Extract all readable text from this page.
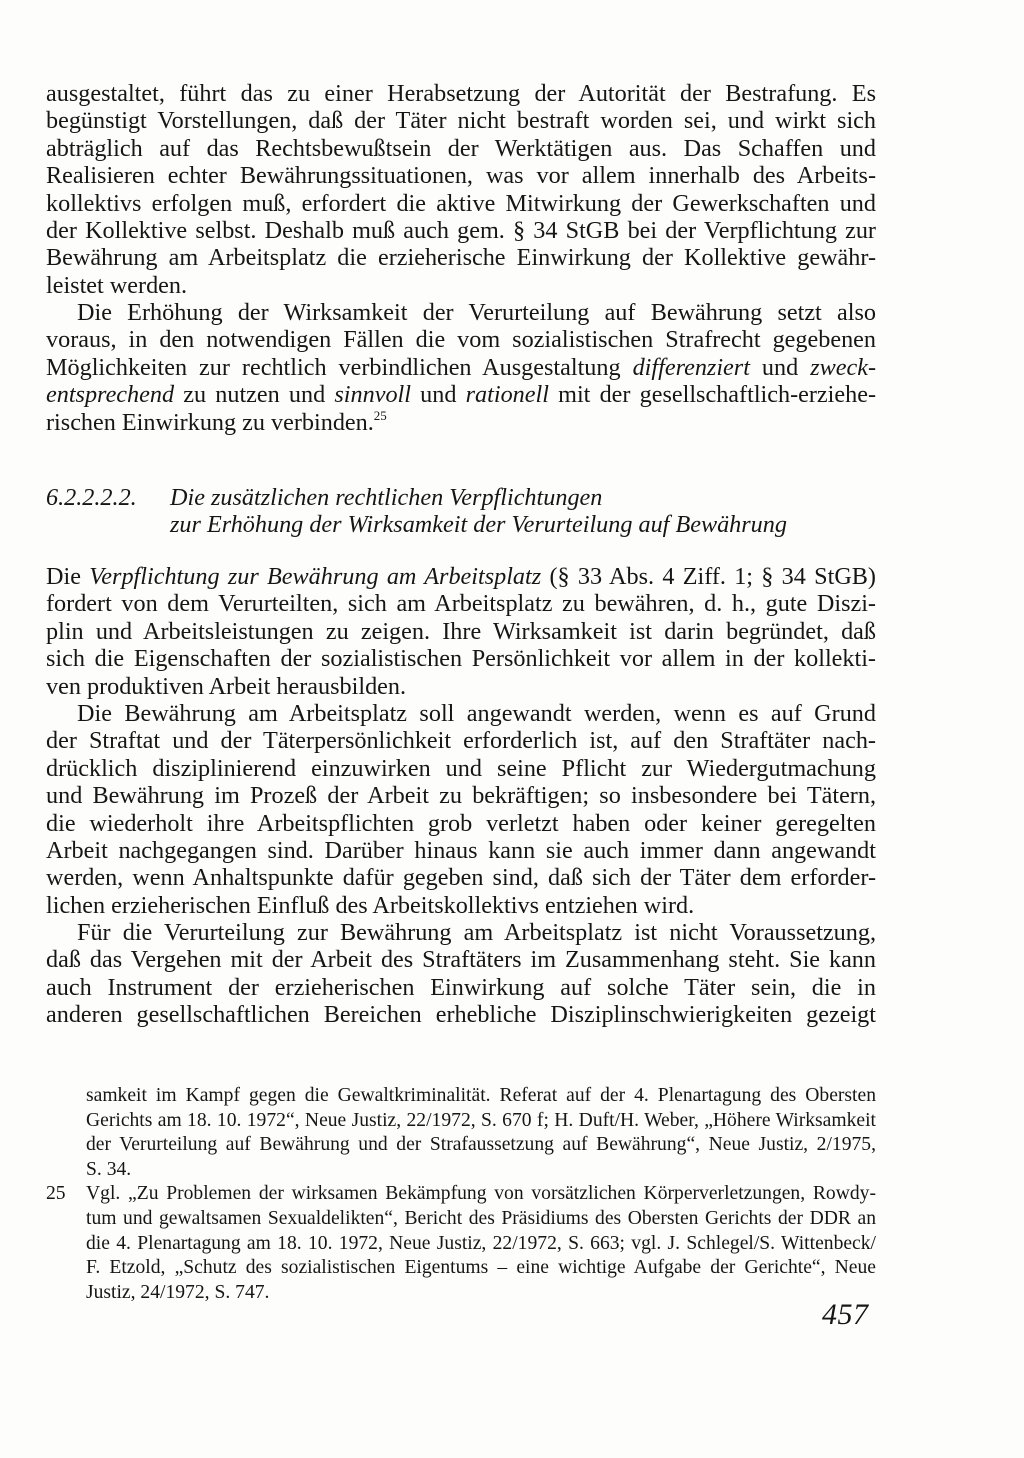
ausgestaltet, führt das zu einer Herabsetzung der Autorität der Bestrafung. Es
begünstigt Vorstellungen, daß der Täter nicht bestraft worden sei, und wirkt sich
abträglich auf das Rechtsbewußtsein der Werktätigen aus. Das Schaffen und
Realisieren echter Bewährungssituationen, was vor allem innerhalb des Arbeits-
kollektivs erfolgen muß, erfordert die aktive Mitwirkung der Gewerkschaften und
der Kollektive selbst. Deshalb muß auch gem. § 34 StGB bei der Verpflichtung zur
Bewährung am Arbeitsplatz die erzieherische Einwirkung der Kollektive gewähr-
leistet werden.
Die Erhöhung der Wirksamkeit der Verurteilung auf Bewährung setzt also
voraus, in den notwendigen Fällen die vom sozialistischen Strafrecht gegebenen
Möglichkeiten zur rechtlich verbindlichen Ausgestaltung differenziert und zweck-
entsprechend zu nutzen und sinnvoll und rationell mit der gesellschaftlich-erziehe-
rischen Einwirkung zu verbinden.$^{25}$
6.2.2.2.2. Die zusätzlichen rechtlichen Verpflichtungen
zur Erhöhung der Wirksamkeit der Verurteilung auf Bewährung
Die Verpflichtung zur Bewährung am Arbeitsplatz (§ 33 Abs. 4 Ziff. 1; § 34 StGB)
fordert von dem Verurteilten, sich am Arbeitsplatz zu bewähren, d. h., gute Diszi-
plin und Arbeitsleistungen zu zeigen. Ihre Wirksamkeit ist darin begründet, daß
sich die Eigenschaften der sozialistischen Persönlichkeit vor allem in der kollekti-
ven produktiven Arbeit herausbilden.
Die Bewährung am Arbeitsplatz soll angewandt werden, wenn es auf Grund
der Straftat und der Täterpersönlichkeit erforderlich ist, auf den Straftäter nach-
drücklich disziplinierend einzuwirken und seine Pflicht zur Wiedergutmachung
und Bewährung im Prozeß der Arbeit zu bekräftigen; so insbesondere bei Tätern,
die wiederholt ihre Arbeitspflichten grob verletzt haben oder keiner geregelten
Arbeit nachgegangen sind. Darüber hinaus kann sie auch immer dann angewandt
werden, wenn Anhaltspunkte dafür gegeben sind, daß sich der Täter dem erforder-
lichen erzieherischen Einfluß des Arbeitskollektivs entziehen wird.
Für die Verurteilung zur Bewährung am Arbeitsplatz ist nicht Voraussetzung,
daß das Vergehen mit der Arbeit des Straftäters im Zusammenhang steht. Sie kann
auch Instrument der erzieherischen Einwirkung auf solche Täter sein, die in
anderen gesellschaftlichen Bereichen erhebliche Disziplinschwierigkeiten gezeigt
samkeit im Kampf gegen die Gewaltkriminalität. Referat auf der 4. Plenartagung des Obersten
Gerichts am 18. 10. 1972“, Neue Justiz, 22/1972, S. 670 f; H. Duft/H. Weber, „Höhere Wirksamkeit
der Verurteilung auf Bewährung und der Strafaussetzung auf Bewährung“, Neue Justiz, 2/1975,
S. 34.
25 Vgl. „Zu Problemen der wirksamen Bekämpfung von vorsätzlichen Körperverletzungen, Rowdy-
tum und gewaltsamen Sexualdelikten“, Bericht des Präsidiums des Obersten Gerichts der DDR an
die 4. Plenartagung am 18. 10. 1972, Neue Justiz, 22/1972, S. 663; vgl. J. Schlegel/S. Wittenbeck/
F. Etzold, „Schutz des sozialistischen Eigentums – eine wichtige Aufgabe der Gerichte“, Neue
Justiz, 24/1972, S. 747.
457
